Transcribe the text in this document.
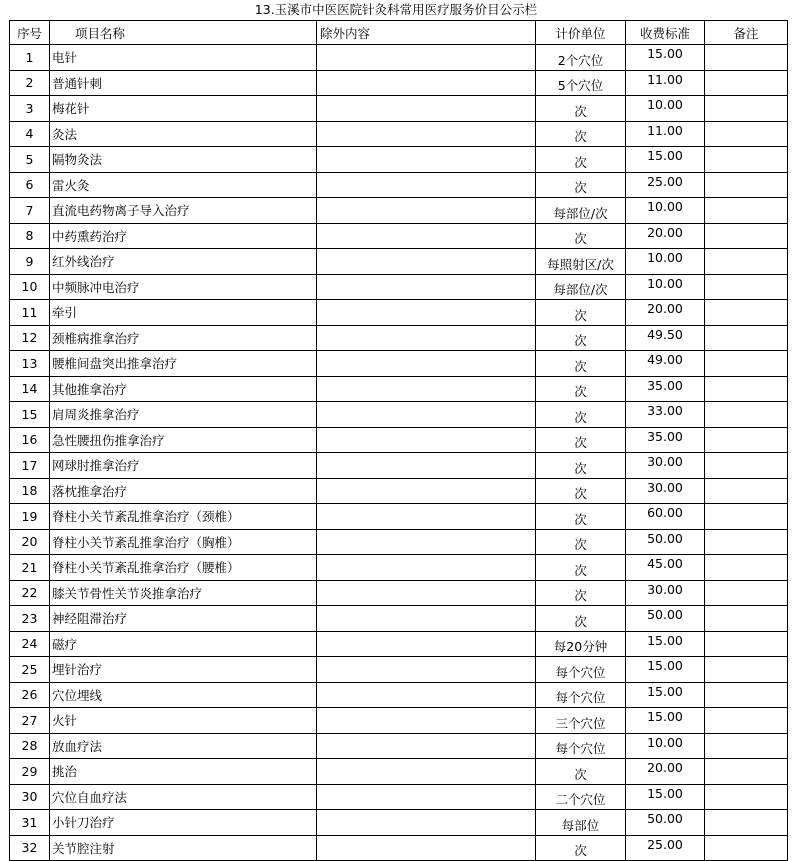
13.玉溪市中医医院针灸科常用医疗服务价目公示栏
序号	项目名称	除外内容	计价单位	收费标准	备注
1	电针		2个穴位	15.00	
2	普通针刺		5个穴位	11.00	
3	梅花针		次	10.00	
4	灸法		次	11.00	
5	隔物灸法		次	15.00	
6	雷火灸		次	25.00	
7	直流电药物离子导入治疗		每部位/次	10.00	
8	中药熏药治疗		次	20.00	
9	红外线治疗		每照射区/次	10.00	
10	中频脉冲电治疗		每部位/次	10.00	
11	牵引		次	20.00	
12	颈椎病推拿治疗		次	49.50	
13	腰椎间盘突出推拿治疗		次	49.00	
14	其他推拿治疗		次	35.00	
15	肩周炎推拿治疗		次	33.00	
16	急性腰扭伤推拿治疗		次	35.00	
17	网球肘推拿治疗		次	30.00	
18	落枕推拿治疗		次	30.00	
19	脊柱小关节紊乱推拿治疗（颈椎）		次	60.00	
20	脊柱小关节紊乱推拿治疗（胸椎）		次	50.00	
21	脊柱小关节紊乱推拿治疗（腰椎）		次	45.00	
22	膝关节骨性关节炎推拿治疗		次	30.00	
23	神经阻滞治疗		次	50.00	
24	磁疗		每20分钟	15.00	
25	埋针治疗		每个穴位	15.00	
26	穴位埋线		每个穴位	15.00	
27	火针		三个穴位	15.00	
28	放血疗法		每个穴位	10.00	
29	挑治		次	20.00	
30	穴位自血疗法		二个穴位	15.00	
31	小针刀治疗		每部位	50.00	
32	关节腔注射		次	25.00	
